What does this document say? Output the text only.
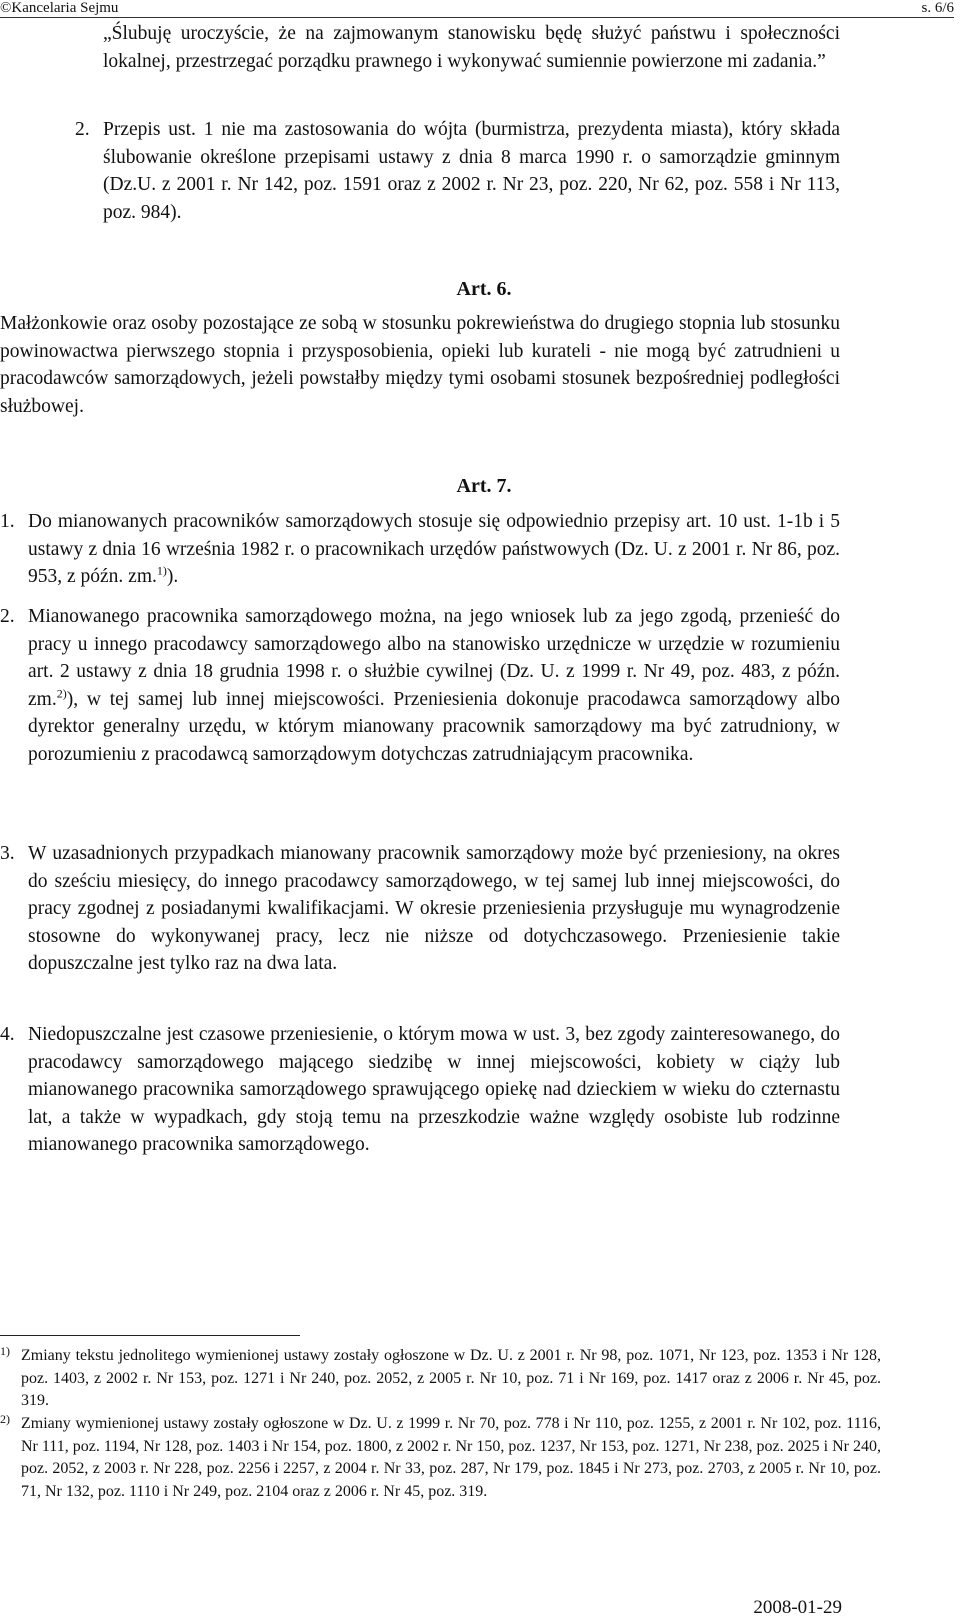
©Kancelaria Sejmu	s. 6/6

„Ślubuję uroczyście, że na zajmowanym stanowisku będę służyć państwu i społeczności lokalnej, przestrzegać porządku prawnego i wykonywać sumiennie powierzone mi zadania.”

2. Przepis ust. 1 nie ma zastosowania do wójta (burmistrza, prezydenta miasta), który składa ślubowanie określone przepisami ustawy z dnia 8 marca 1990 r. o samorządzie gminnym (Dz.U. z 2001 r. Nr 142, poz. 1591 oraz z 2002 r. Nr 23, poz. 220, Nr 62, poz. 558 i Nr 113, poz. 984).
Art. 6.

Małżonkowie oraz osoby pozostające ze sobą w stosunku pokrewieństwa do drugiego stopnia lub stosunku powinowactwa pierwszego stopnia i przysposobienia, opieki lub kurateli - nie mogą być zatrudnieni u pracodawców samorządowych, jeżeli powstałby między tymi osobami stosunek bezpośredniej podległości służbowej.

Art. 7.
1. Do mianowanych pracowników samorządowych stosuje się odpowiednio przepisy art. 10 ust. 1-1b i 5 ustawy z dnia 16 września 1982 r. o pracownikach urzędów państwowych (Dz. U. z 2001 r. Nr 86, poz. 953, z późn. zm.$^{1)}$).
2. Mianowanego pracownika samorządowego można, na jego wniosek lub za jego zgodą, przenieść do pracy u innego pracodawcy samorządowego albo na stanowisko urzędnicze w urzędzie w rozumieniu art. 2 ustawy z dnia 18 grudnia 1998 r. o służbie cywilnej (Dz. U. z 1999 r. Nr 49, poz. 483, z późn. zm.$^{2)}$), w tej samej lub innej miejscowości. Przeniesienia dokonuje pracodawca samorządowy albo dyrektor generalny urzędu, w którym mianowany pracownik samorządowy ma być zatrudniony, w porozumieniu z pracodawcą samorządowym dotychczas zatrudniającym pracownika.
3. W uzasadnionych przypadkach mianowany pracownik samorządowy może być przeniesiony, na okres do sześciu miesięcy, do innego pracodawcy samorządowego, w tej samej lub innej miejscowości, do pracy zgodnej z posiadanymi kwalifikacjami. W okresie przeniesienia przysługuje mu wynagrodzenie stosowne do wykonywanej pracy, lecz nie niższe od dotychczasowego. Przeniesienie takie dopuszczalne jest tylko raz na dwa lata.
4. Niedopuszczalne jest czasowe przeniesienie, o którym mowa w ust. 3, bez zgody zainteresowanego, do pracodawcy samorządowego mającego siedzibę w innej miejscowości, kobiety w ciąży lub mianowanego pracownika samorządowego sprawującego opiekę nad dzieckiem w wieku do czternastu lat, a także w wypadkach, gdy stoją temu na przeszkodzie ważne względy osobiste lub rodzinne mianowanego pracownika samorządowego.
1) Zmiany tekstu jednolitego wymienionej ustawy zostały ogłoszone w Dz. U. z 2001 r. Nr 98, poz. 1071, Nr 123, poz. 1353 i Nr 128, poz. 1403, z 2002 r. Nr 153, poz. 1271 i Nr 240, poz. 2052, z 2005 r. Nr 10, poz. 71 i Nr 169, poz. 1417 oraz z 2006 r. Nr 45, poz. 319.
2) Zmiany wymienionej ustawy zostały ogłoszone w Dz. U. z 1999 r. Nr 70, poz. 778 i Nr 110, poz. 1255, z 2001 r. Nr 102, poz. 1116, Nr 111, poz. 1194, Nr 128, poz. 1403 i Nr 154, poz. 1800, z 2002 r. Nr 150, poz. 1237, Nr 153, poz. 1271, Nr 238, poz. 2025 i Nr 240, poz. 2052, z 2003 r. Nr 228, poz. 2256 i 2257, z 2004 r. Nr 33, poz. 287, Nr 179, poz. 1845 i Nr 273, poz. 2703, z 2005 r. Nr 10, poz. 71, Nr 132, poz. 1110 i Nr 249, poz. 2104 oraz z 2006 r. Nr 45, poz. 319.
2008-01-29
